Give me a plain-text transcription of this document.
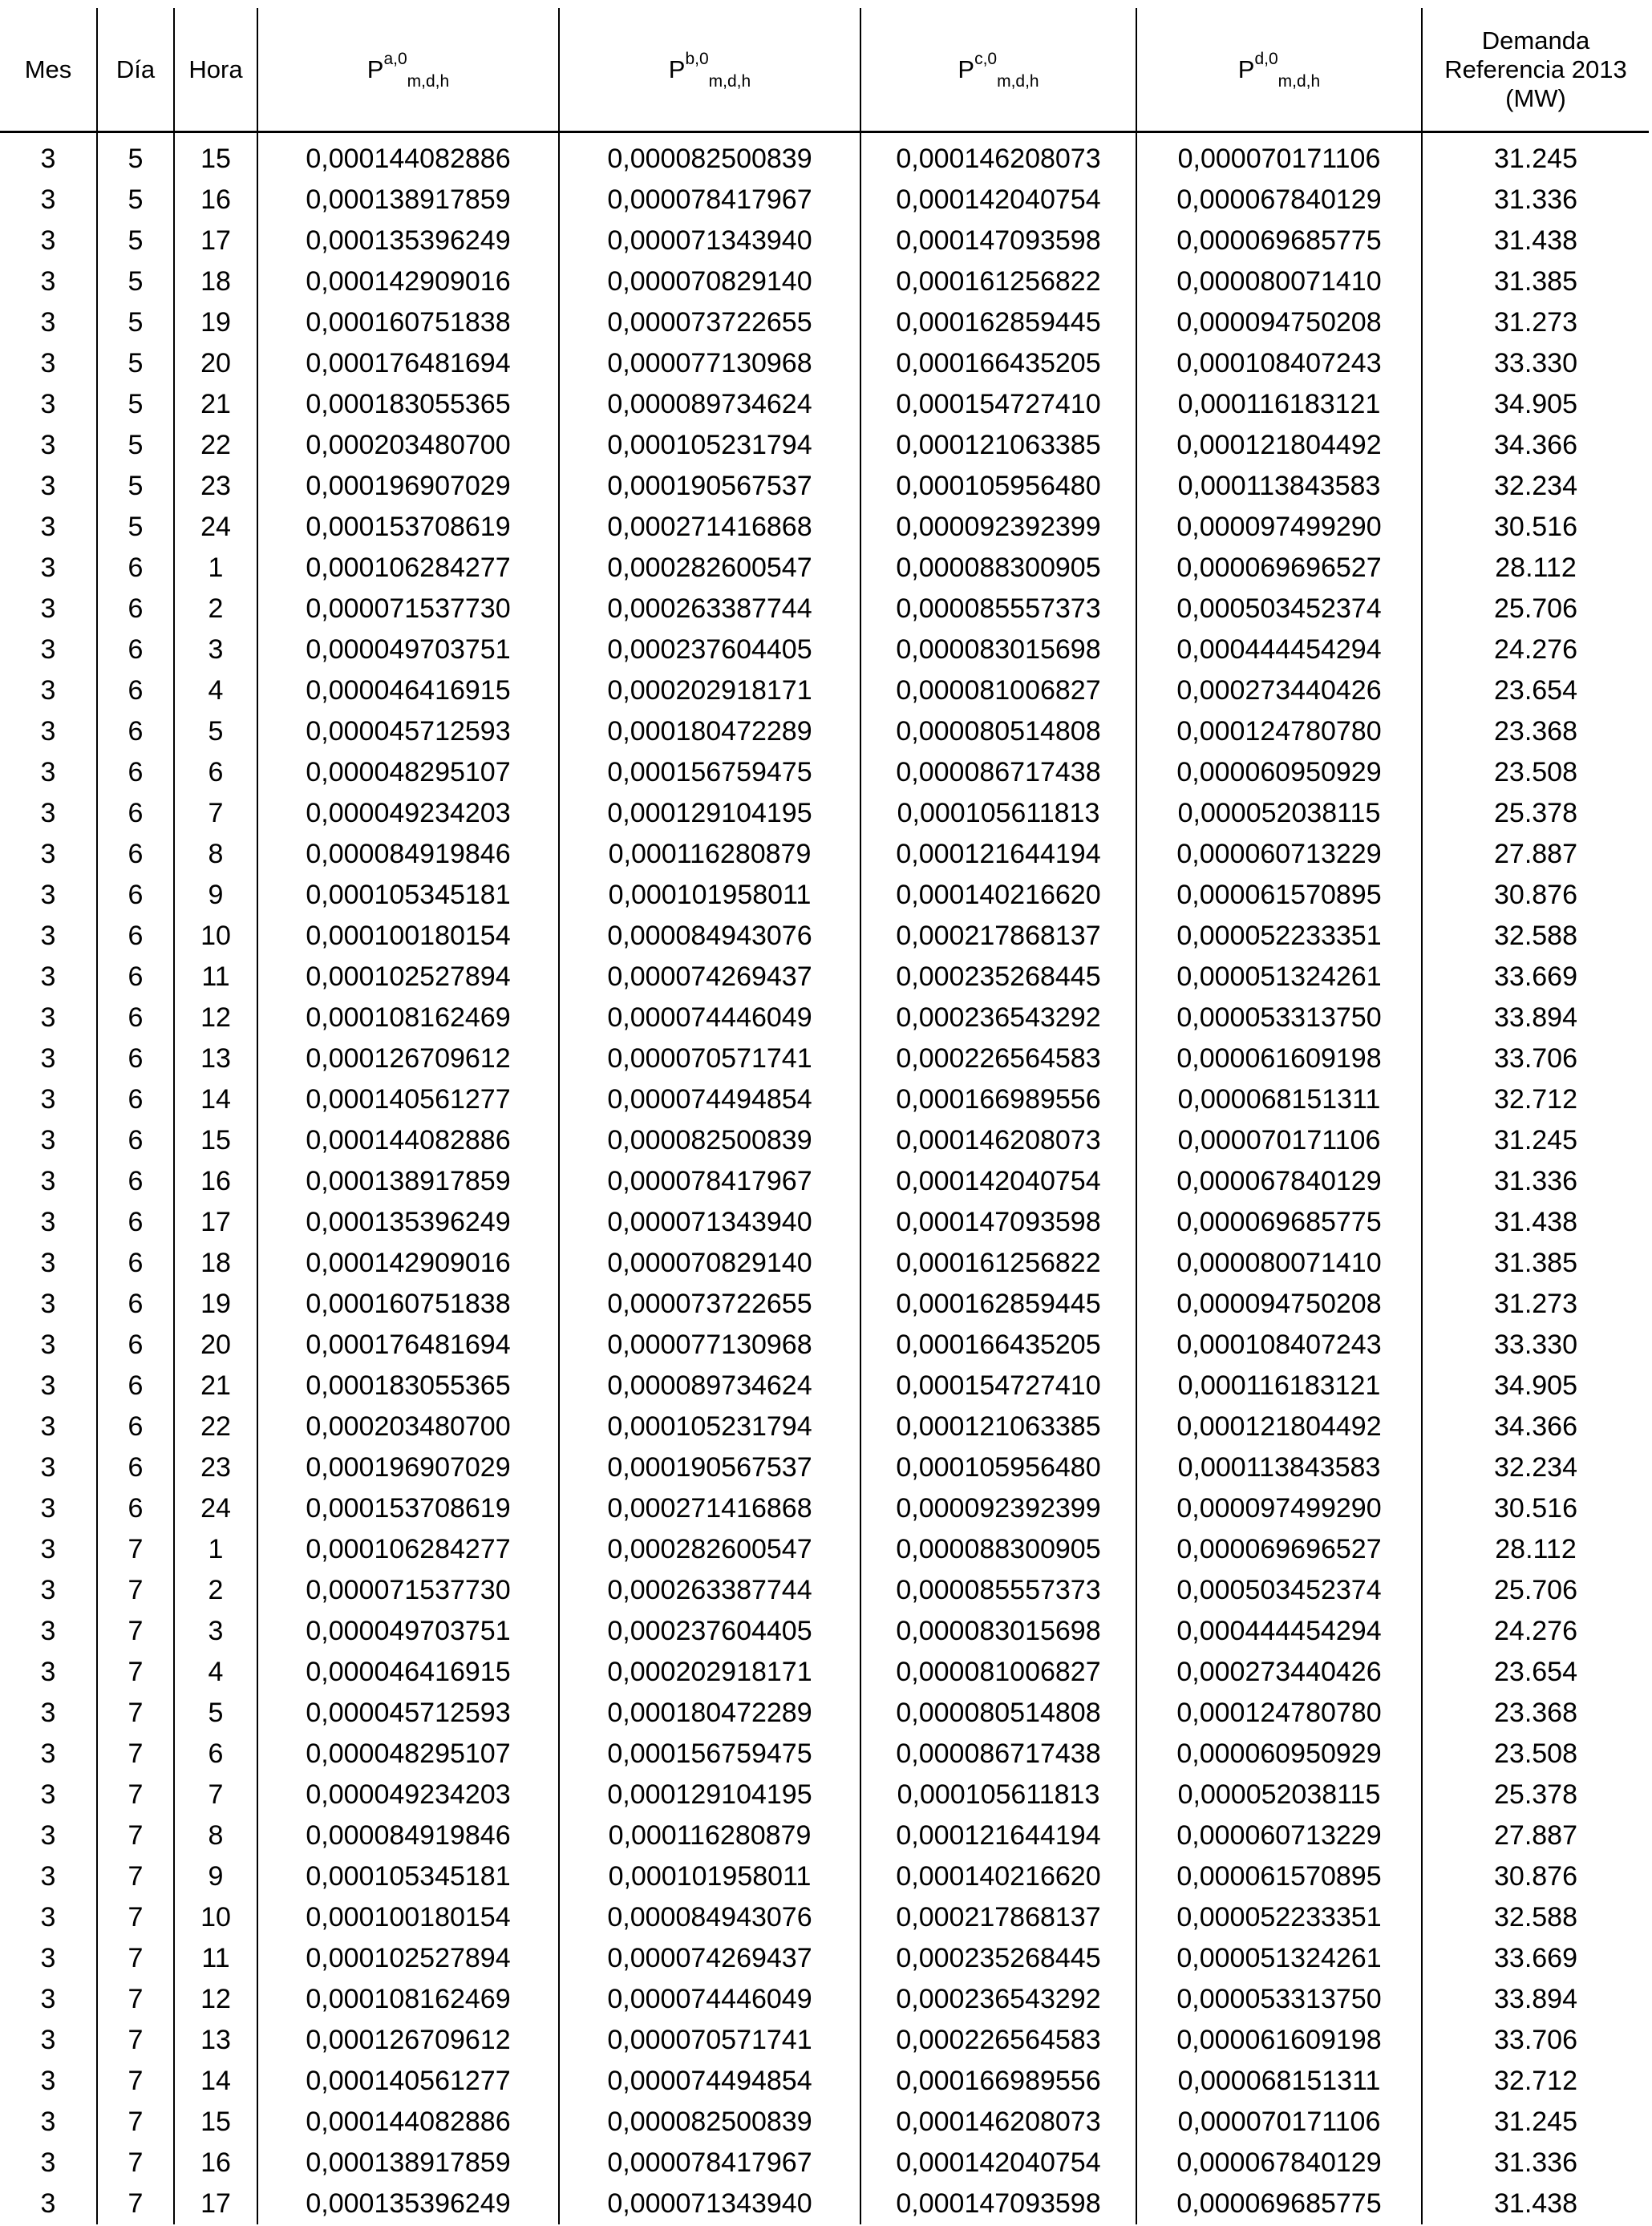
Mes	Día	Hora	P$^{a,0}_{m,d,h}$	P$^{b,0}_{m,d,h}$	P$^{c,0}_{m,d,h}$	P$^{d,0}_{m,d,h}$	Demanda
Referencia 2013
(MW)

3	5	15	0,000144082886	0,000082500839	0,000146208073	0,000070171106	31.245
3	5	16	0,000138917859	0,000078417967	0,000142040754	0,000067840129	31.336
3	5	17	0,000135396249	0,000071343940	0,000147093598	0,000069685775	31.438
3	5	18	0,000142909016	0,000070829140	0,000161256822	0,000080071410	31.385
3	5	19	0,000160751838	0,000073722655	0,000162859445	0,000094750208	31.273
3	5	20	0,000176481694	0,000077130968	0,000166435205	0,000108407243	33.330
3	5	21	0,000183055365	0,000089734624	0,000154727410	0,000116183121	34.905
3	5	22	0,000203480700	0,000105231794	0,000121063385	0,000121804492	34.366
3	5	23	0,000196907029	0,000190567537	0,000105956480	0,000113843583	32.234
3	5	24	0,000153708619	0,000271416868	0,000092392399	0,000097499290	30.516
3	6	1	0,000106284277	0,000282600547	0,000088300905	0,000069696527	28.112
3	6	2	0,000071537730	0,000263387744	0,000085557373	0,000503452374	25.706
3	6	3	0,000049703751	0,000237604405	0,000083015698	0,000444454294	24.276
3	6	4	0,000046416915	0,000202918171	0,000081006827	0,000273440426	23.654
3	6	5	0,000045712593	0,000180472289	0,000080514808	0,000124780780	23.368
3	6	6	0,000048295107	0,000156759475	0,000086717438	0,000060950929	23.508
3	6	7	0,000049234203	0,000129104195	0,000105611813	0,000052038115	25.378
3	6	8	0,000084919846	0,000116280879	0,000121644194	0,000060713229	27.887
3	6	9	0,000105345181	0,000101958011	0,000140216620	0,000061570895	30.876
3	6	10	0,000100180154	0,000084943076	0,000217868137	0,000052233351	32.588
3	6	11	0,000102527894	0,000074269437	0,000235268445	0,000051324261	33.669
3	6	12	0,000108162469	0,000074446049	0,000236543292	0,000053313750	33.894
3	6	13	0,000126709612	0,000070571741	0,000226564583	0,000061609198	33.706
3	6	14	0,000140561277	0,000074494854	0,000166989556	0,000068151311	32.712
3	6	15	0,000144082886	0,000082500839	0,000146208073	0,000070171106	31.245
3	6	16	0,000138917859	0,000078417967	0,000142040754	0,000067840129	31.336
3	6	17	0,000135396249	0,000071343940	0,000147093598	0,000069685775	31.438
3	6	18	0,000142909016	0,000070829140	0,000161256822	0,000080071410	31.385
3	6	19	0,000160751838	0,000073722655	0,000162859445	0,000094750208	31.273
3	6	20	0,000176481694	0,000077130968	0,000166435205	0,000108407243	33.330
3	6	21	0,000183055365	0,000089734624	0,000154727410	0,000116183121	34.905
3	6	22	0,000203480700	0,000105231794	0,000121063385	0,000121804492	34.366
3	6	23	0,000196907029	0,000190567537	0,000105956480	0,000113843583	32.234
3	6	24	0,000153708619	0,000271416868	0,000092392399	0,000097499290	30.516
3	7	1	0,000106284277	0,000282600547	0,000088300905	0,000069696527	28.112
3	7	2	0,000071537730	0,000263387744	0,000085557373	0,000503452374	25.706
3	7	3	0,000049703751	0,000237604405	0,000083015698	0,000444454294	24.276
3	7	4	0,000046416915	0,000202918171	0,000081006827	0,000273440426	23.654
3	7	5	0,000045712593	0,000180472289	0,000080514808	0,000124780780	23.368
3	7	6	0,000048295107	0,000156759475	0,000086717438	0,000060950929	23.508
3	7	7	0,000049234203	0,000129104195	0,000105611813	0,000052038115	25.378
3	7	8	0,000084919846	0,000116280879	0,000121644194	0,000060713229	27.887
3	7	9	0,000105345181	0,000101958011	0,000140216620	0,000061570895	30.876
3	7	10	0,000100180154	0,000084943076	0,000217868137	0,000052233351	32.588
3	7	11	0,000102527894	0,000074269437	0,000235268445	0,000051324261	33.669
3	7	12	0,000108162469	0,000074446049	0,000236543292	0,000053313750	33.894
3	7	13	0,000126709612	0,000070571741	0,000226564583	0,000061609198	33.706
3	7	14	0,000140561277	0,000074494854	0,000166989556	0,000068151311	32.712
3	7	15	0,000144082886	0,000082500839	0,000146208073	0,000070171106	31.245
3	7	16	0,000138917859	0,000078417967	0,000142040754	0,000067840129	31.336
3	7	17	0,000135396249	0,000071343940	0,000147093598	0,000069685775	31.438
